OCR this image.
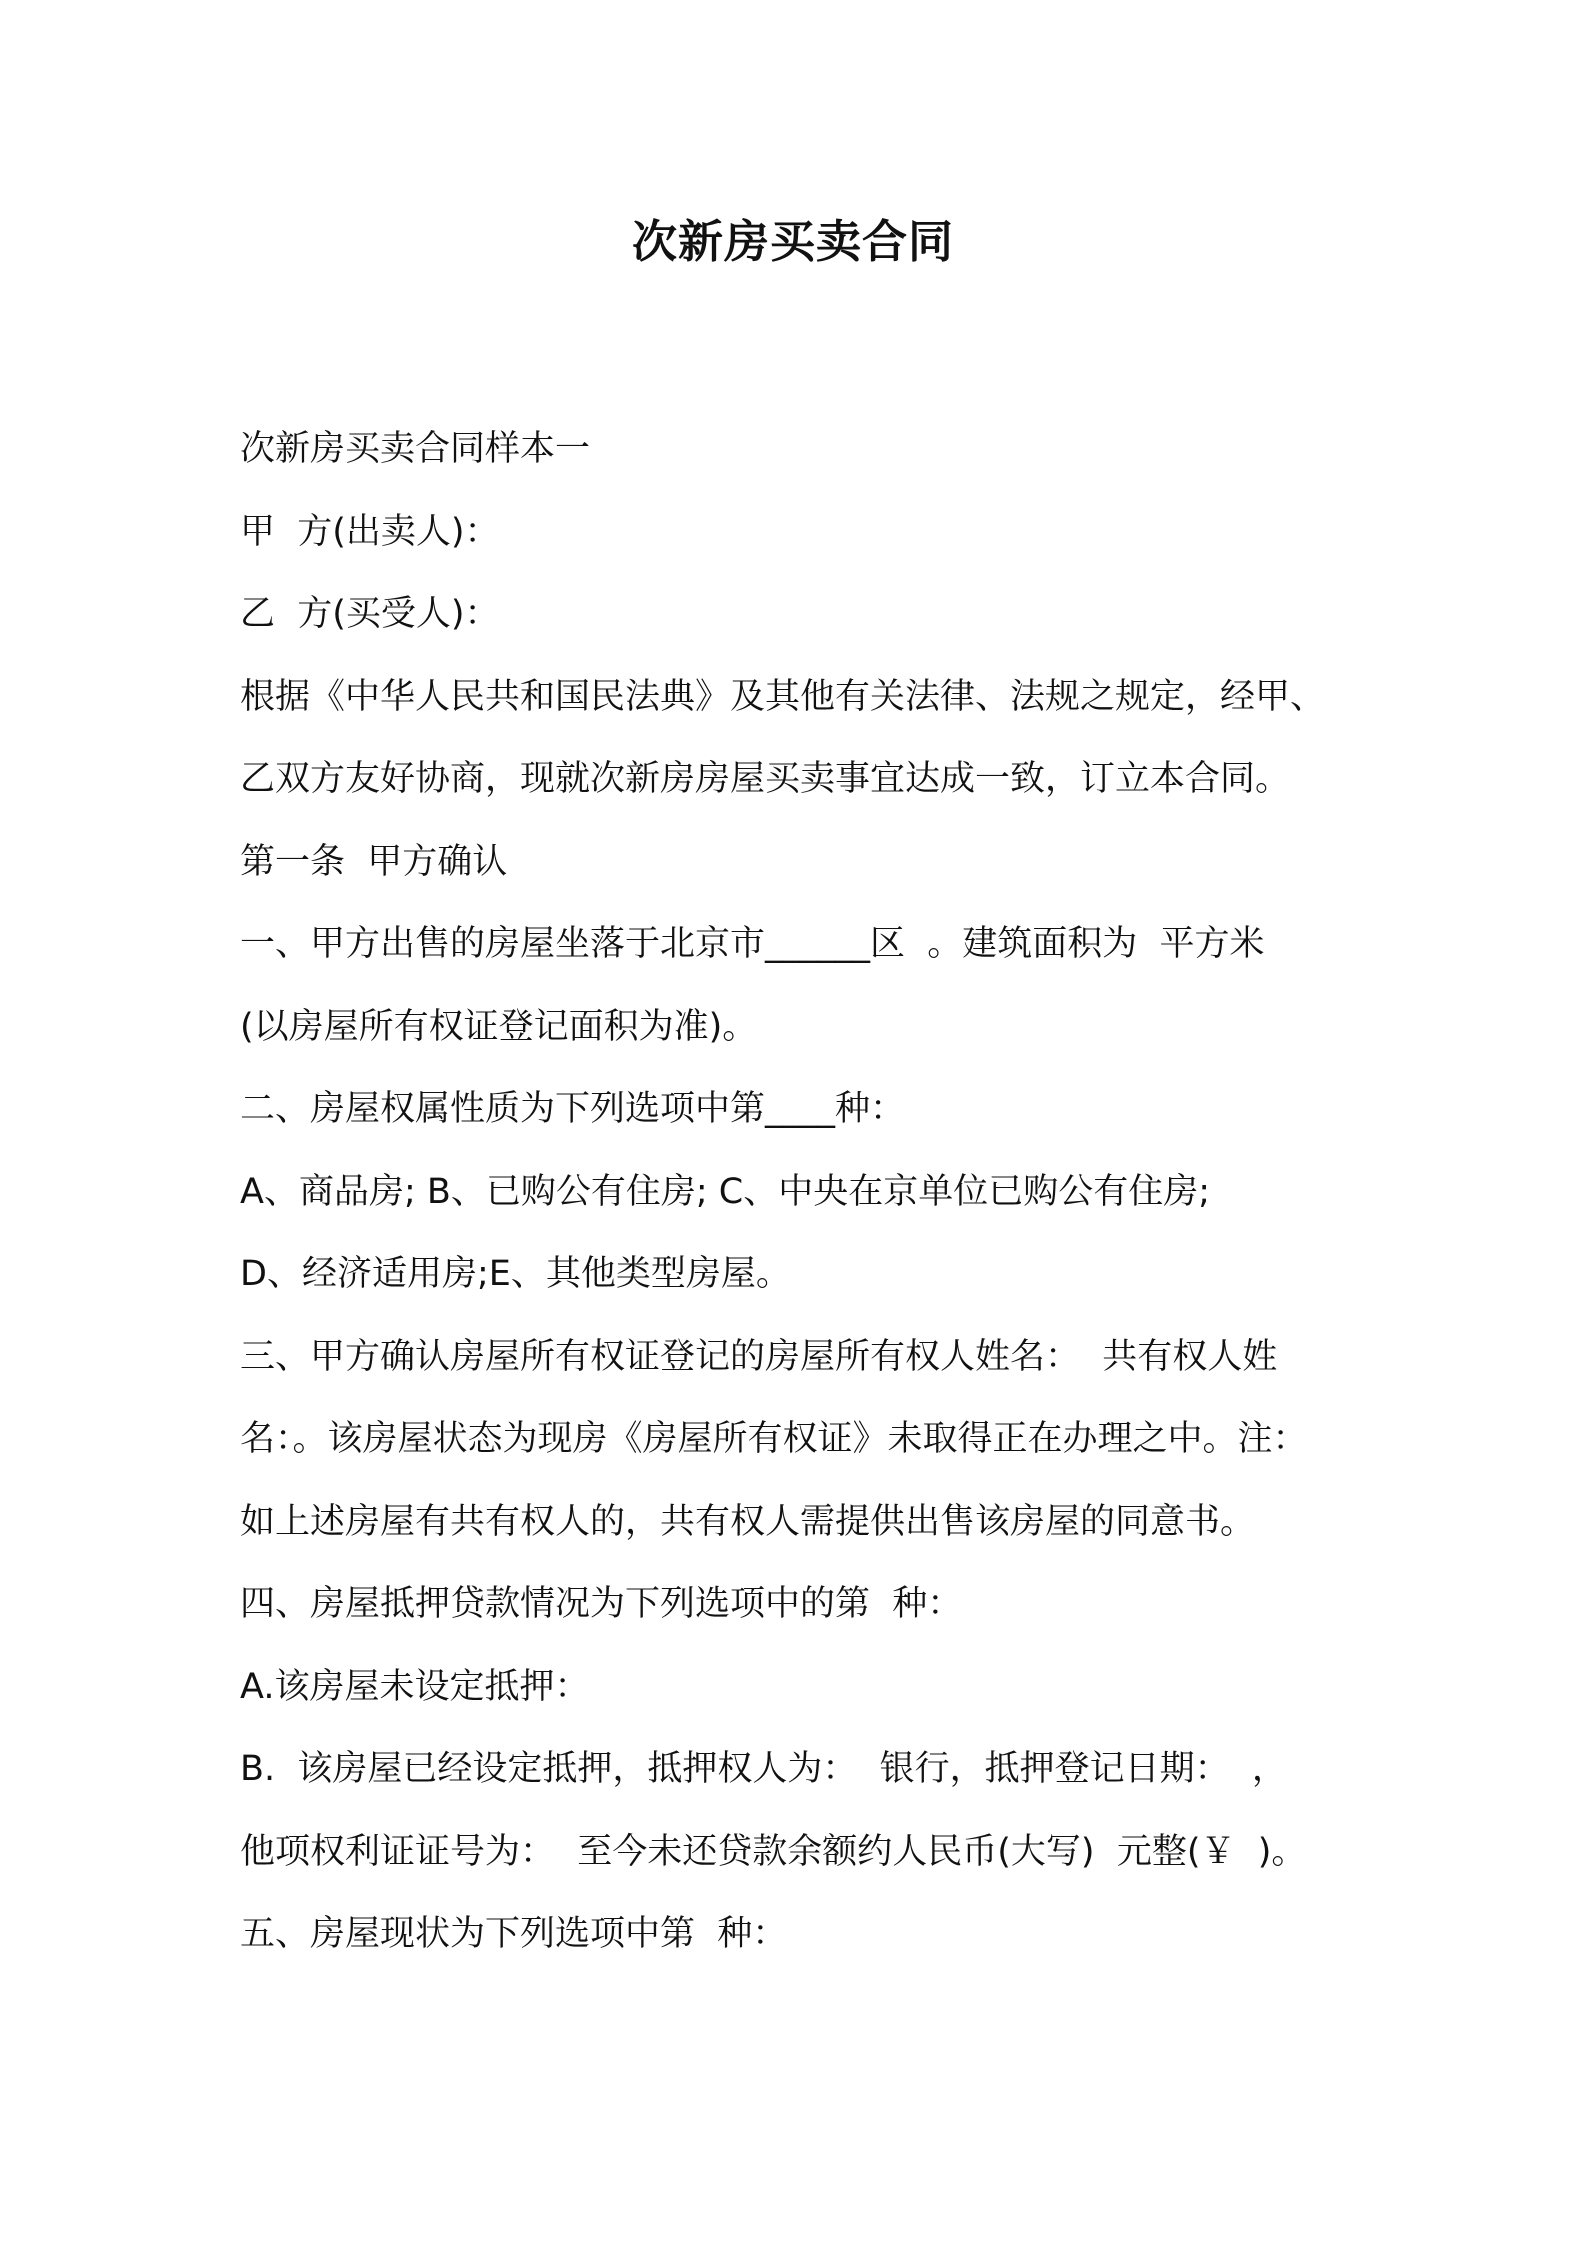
次新房买卖合同

次新房买卖合同样本一

甲  方(出卖人)：

乙  方(买受人)：

根据《中华人民共和国民法典》及其他有关法律、法规之规定，经甲、

乙双方友好协商，现就次新房房屋买卖事宜达成一致，订立本合同。

第一条  甲方确认

一、甲方出售的房屋坐落于北京市______区  。建筑面积为  平方米

(以房屋所有权证登记面积为准)。

二、房屋权属性质为下列选项中第____种：

A、商品房; B、已购公有住房; C、中央在京单位已购公有住房;

D、经济适用房;E、其他类型房屋。

三、甲方确认房屋所有权证登记的房屋所有权人姓名：  共有权人姓

名：。该房屋状态为现房《房屋所有权证》未取得正在办理之中。注：

如上述房屋有共有权人的，共有权人需提供出售该房屋的同意书。

四、房屋抵押贷款情况为下列选项中的第  种：

A.该房屋未设定抵押：

B.  该房屋已经设定抵押，抵押权人为：  银行，抵押登记日期：  ，

他项权利证证号为：  至今未还贷款余额约人民币(大写)  元整(￥  )。

五、房屋现状为下列选项中第  种：
